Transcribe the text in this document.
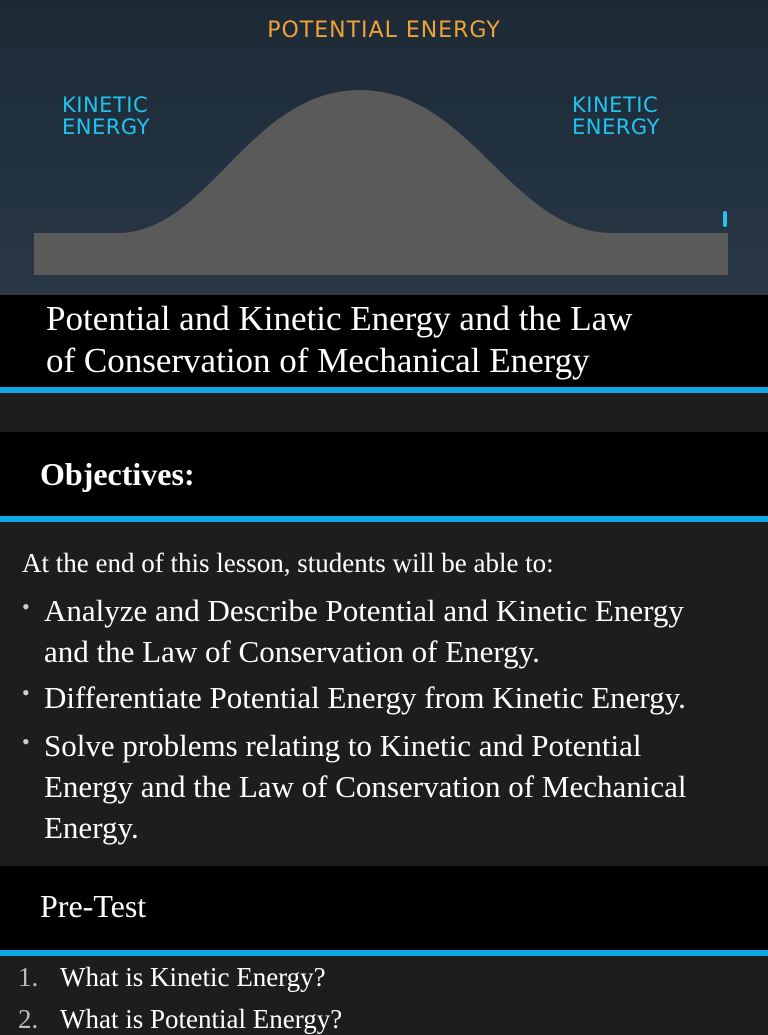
POTENTIAL ENERGY
KINETIC
ENERGY
KINETIC
ENERGY
Potential and Kinetic Energy and the Law
of Conservation of Mechanical Energy
Objectives:
At the end of this lesson, students will be able to:
• Analyze and Describe Potential and Kinetic Energy
and the Law of Conservation of Energy.
• Differentiate Potential Energy from Kinetic Energy.
• Solve problems relating to Kinetic and Potential
Energy and the Law of Conservation of Mechanical
Energy.
Pre-Test
1. What is Kinetic Energy?
2. What is Potential Energy?
